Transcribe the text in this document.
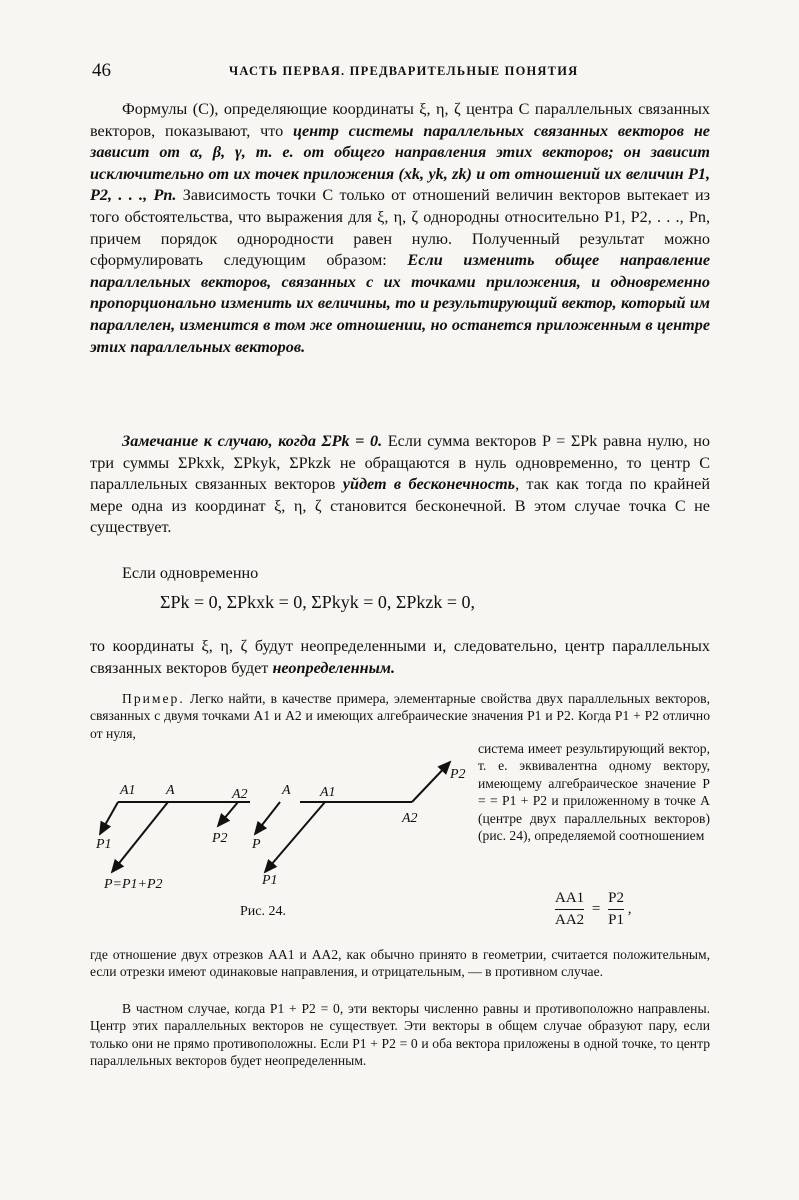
46	ЧАСТЬ ПЕРВАЯ. ПРЕДВАРИТЕЛЬНЫЕ ПОНЯТИЯ

Формулы (C), определяющие координаты ξ, η, ζ центра C параллельных связанных векторов, показывают, что центр системы параллельных связанных векторов не зависит от α, β, γ, т. е. от общего направления этих векторов; он зависит исключительно от их точек приложения (xk, yk, zk) и от отношений их величин P1, P2, . . ., Pn. Зависимость точки C только от отношений величин векторов вытекает из того обстоятельства, что выражения для ξ, η, ζ однородны относительно P1, P2, . . ., Pn, причем порядок однородности равен нулю. Полученный результат можно сформулировать следующим образом: Если изменить общее направление параллельных векторов, связанных с их точками приложения, и одновременно пропорционально изменить их величины, то и результирующий вектор, который им параллелен, изменится в том же отношении, но останется приложенным в центре этих параллельных векторов.

Замечание к случаю, когда ΣPk = 0. Если сумма векторов P = ΣPk равна нулю, но три суммы ΣPkxk, ΣPkyk, ΣPkzk не обращаются в нуль одновременно, то центр C параллельных связанных векторов уйдет в бесконечность, так как тогда по крайней мере одна из координат ξ, η, ζ становится бесконечной. В этом случае точка C не существует.

Если одновременно

ΣPk = 0, ΣPkxk = 0, ΣPkyk = 0, ΣPkzk = 0,

то координаты ξ, η, ζ будут неопределенными и, следовательно, центр параллельных связанных векторов будет неопределенным.

Пример. Легко найти, в качестве примера, элементарные свойства двух параллельных векторов, связанных с двумя точками A1 и A2 и имеющих алгебраические значения P1 и P2. Когда P1 + P2 отлично от нуля,

система имеет результирующий вектор, т. е. эквивалентна одному вектору, имеющему алгебраическое значение P = = P1 + P2 и приложенному в точке A (центре двух параллельных векторов) (рис. 24), определяемой соотношением
A1 A	A2
P1	P2
P=P1+P2
A A1
A2
P
P1
P2
Рис. 24.	$\frac{AA1}{AA2} = \frac{P2}{P1}$ ,

где отношение двух отрезков AA1 и AA2, как обычно принято в геометрии, считается положительным, если отрезки имеют одинаковые направления, и отрицательным, — в противном случае.

В частном случае, когда P1 + P2 = 0, эти векторы численно равны и противоположно направлены. Центр этих параллельных векторов не существует. Эти векторы в общем случае образуют пару, если только они не прямо противоположны. Если P1 + P2 = 0 и оба вектора приложены в одной точке, то центр параллельных векторов будет неопределенным.
